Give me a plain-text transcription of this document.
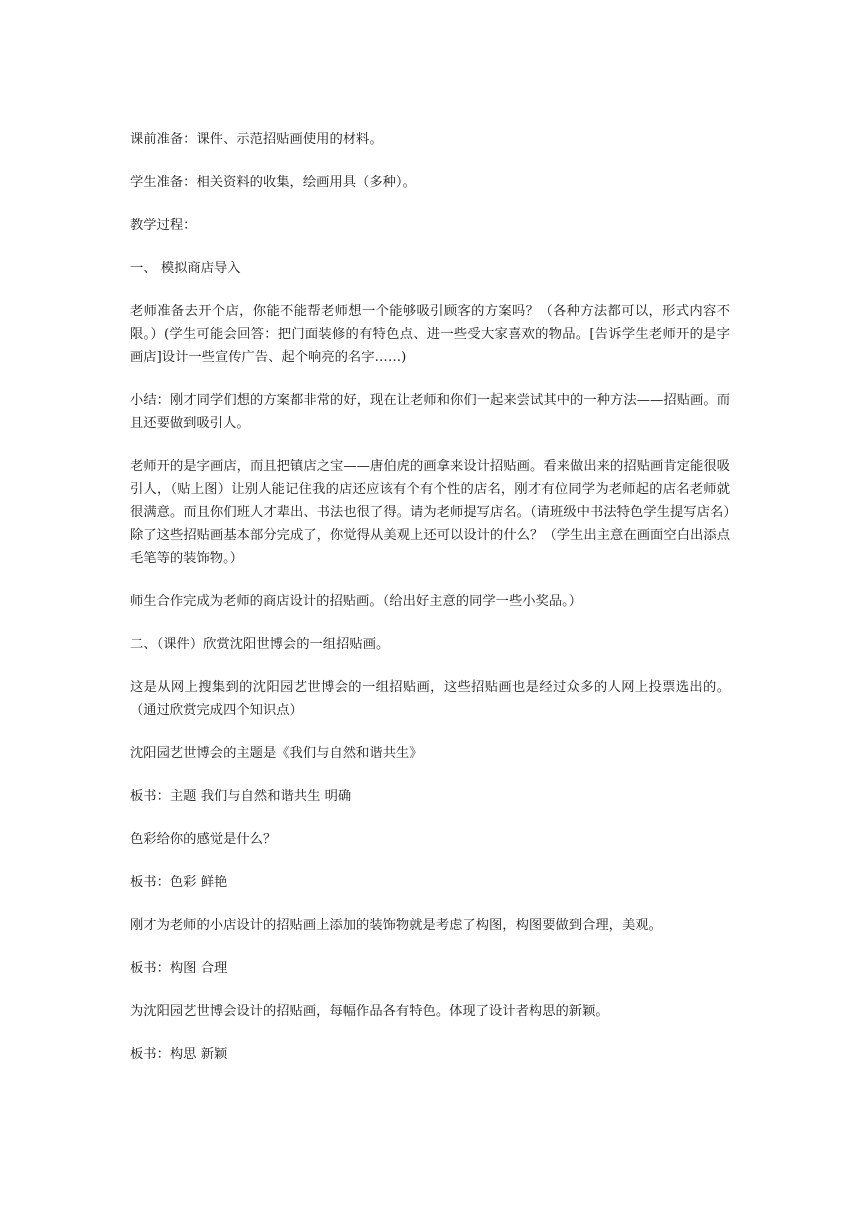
课前准备：课件、示范招贴画使用的材料。

学生准备：相关资料的收集，绘画用具（多种）。

教学过程：

一、 模拟商店导入

老师准备去开个店，你能不能帮老师想一个能够吸引顾客的方案吗？（各种方法都可以，形式内容不限。）(学生可能会回答：把门面装修的有特色点、进一些受大家喜欢的物品。[告诉学生老师开的是字画店]设计一些宣传广告、起个响亮的名字……)

小结：刚才同学们想的方案都非常的好，现在让老师和你们一起来尝试其中的一种方法——招贴画。而且还要做到吸引人。

老师开的是字画店，而且把镇店之宝——唐伯虎的画拿来设计招贴画。看来做出来的招贴画肯定能很吸引人，（贴上图）让别人能记住我的店还应该有个有个性的店名，刚才有位同学为老师起的店名老师就很满意。而且你们班人才辈出、书法也很了得。请为老师提写店名。（请班级中书法特色学生提写店名）除了这些招贴画基本部分完成了，你觉得从美观上还可以设计的什么？（学生出主意在画面空白出添点毛笔等的装饰物。）

师生合作完成为老师的商店设计的招贴画。（给出好主意的同学一些小奖品。）

二、（课件）欣赏沈阳世博会的一组招贴画。

这是从网上搜集到的沈阳园艺世博会的一组招贴画，这些招贴画也是经过众多的人网上投票选出的。（通过欣赏完成四个知识点）

沈阳园艺世博会的主题是《我们与自然和谐共生》

板书：主题 我们与自然和谐共生 明确

色彩给你的感觉是什么？

板书：色彩 鲜艳

刚才为老师的小店设计的招贴画上添加的装饰物就是考虑了构图，构图要做到合理，美观。

板书：构图 合理

为沈阳园艺世博会设计的招贴画，每幅作品各有特色。体现了设计者构思的新颖。

板书：构思 新颖
